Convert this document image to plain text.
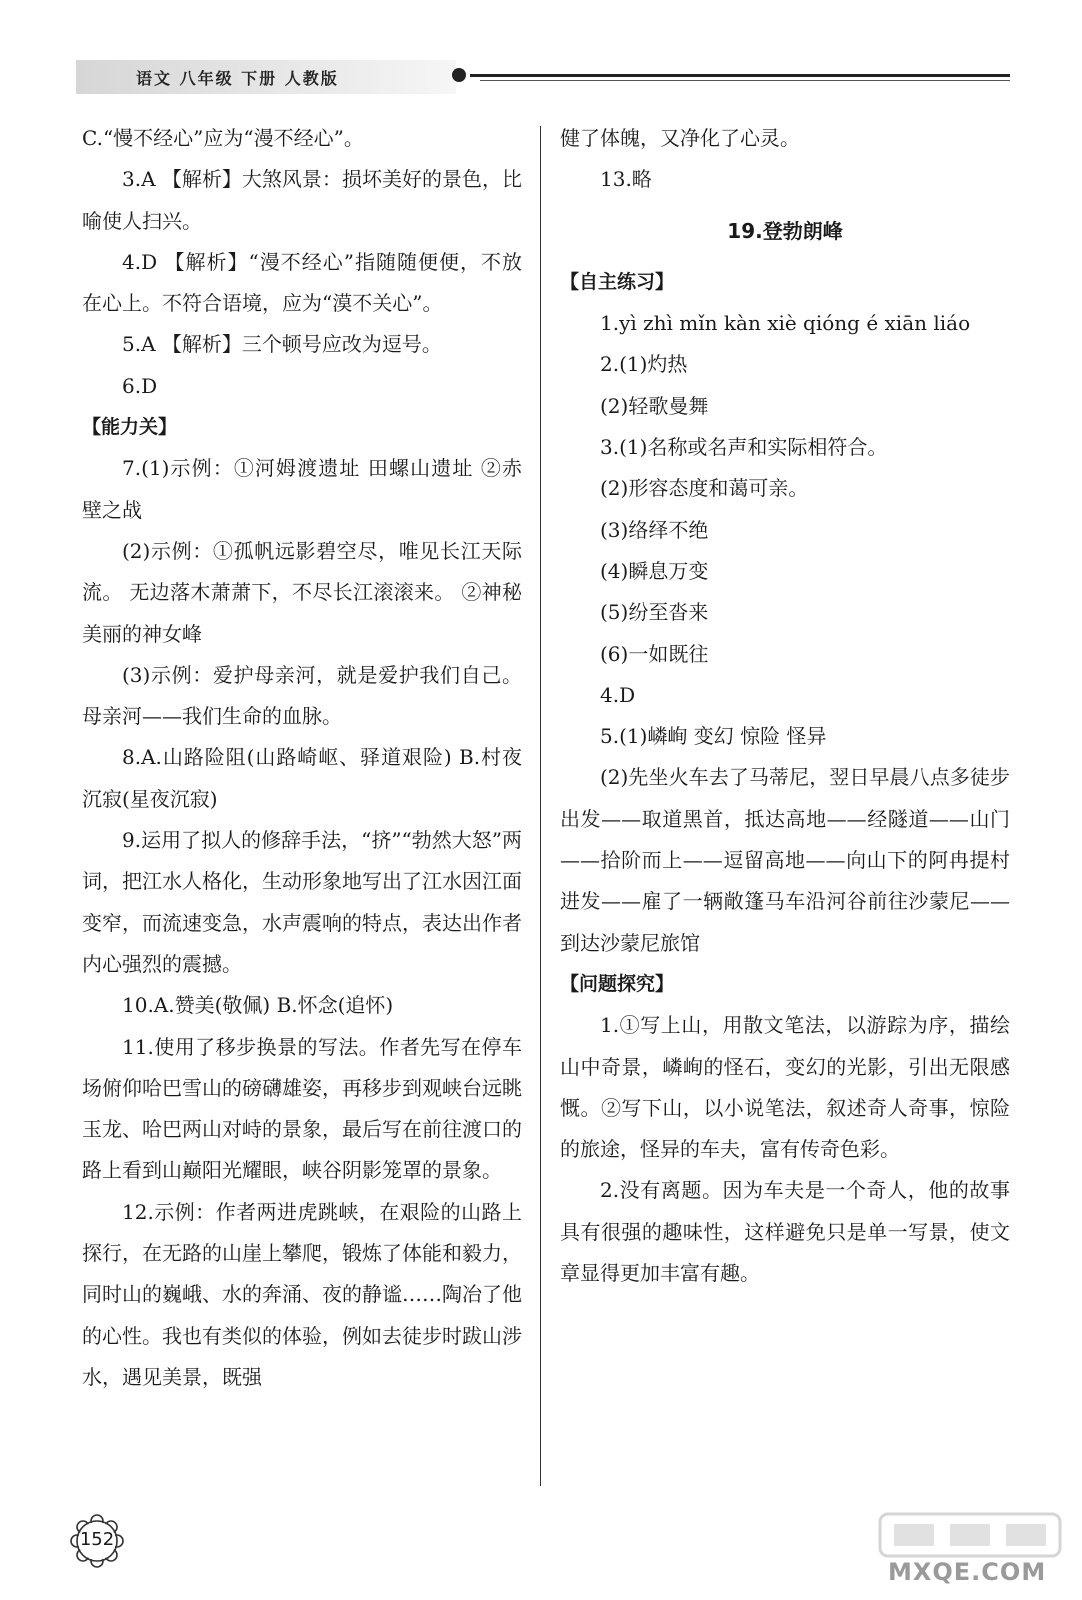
语文 八年级 下册 人教版

C.“慢不经心”应为“漫不经心”。

3.A 【解析】大煞风景：损坏美好的景色，比喻使人扫兴。

4.D 【解析】“漫不经心”指随随便便，不放在心上。不符合语境，应为“漠不关心”。

5.A 【解析】三个顿号应改为逗号。

6.D

【能力关】

7.(1)示例：①河姆渡遗址 田螺山遗址 ②赤壁之战

(2)示例：①孤帆远影碧空尽，唯见长江天际流。 无边落木萧萧下，不尽长江滚滚来。 ②神秘美丽的神女峰

(3)示例：爱护母亲河，就是爱护我们自己。 母亲河——我们生命的血脉。

8.A.山路险阻(山路崎岖、驿道艰险) B.村夜沉寂(星夜沉寂)

9.运用了拟人的修辞手法，“挤”“勃然大怒”两词，把江水人格化，生动形象地写出了江水因江面变窄，而流速变急，水声震响的特点，表达出作者内心强烈的震撼。

10.A.赞美(敬佩) B.怀念(追怀)

11.使用了移步换景的写法。作者先写在停车场俯仰哈巴雪山的磅礴雄姿，再移步到观峡台远眺玉龙、哈巴两山对峙的景象，最后写在前往渡口的路上看到山巅阳光耀眼，峡谷阴影笼罩的景象。

12.示例：作者两进虎跳峡，在艰险的山路上探行，在无路的山崖上攀爬，锻炼了体能和毅力，同时山的巍峨、水的奔涌、夜的静谧……陶冶了他的心性。我也有类似的体验，例如去徒步时跋山涉水，遇见美景，既强

健了体魄，又净化了心灵。

13.略

19.登勃朗峰

【自主练习】

1.yì zhì mǐn kàn xiè qióng é xiān liáo

2.(1)灼热

(2)轻歌曼舞

3.(1)名称或名声和实际相符合。

(2)形容态度和蔼可亲。

(3)络绎不绝

(4)瞬息万变

(5)纷至沓来

(6)一如既往

4.D

5.(1)嶙峋 变幻 惊险 怪异

(2)先坐火车去了马蒂尼，翌日早晨八点多徒步出发——取道黑首，抵达高地——经隧道——山门——拾阶而上——逗留高地——向山下的阿冉提村进发——雇了一辆敞篷马车沿河谷前往沙蒙尼——到达沙蒙尼旅馆

【问题探究】

1.①写上山，用散文笔法，以游踪为序，描绘山中奇景，嶙峋的怪石，变幻的光影，引出无限感慨。②写下山，以小说笔法，叙述奇人奇事，惊险的旅途，怪异的车夫，富有传奇色彩。

2.没有离题。因为车夫是一个奇人，他的故事具有很强的趣味性，这样避免只是单一写景，使文章显得更加丰富有趣。

152
MXQE.COM
